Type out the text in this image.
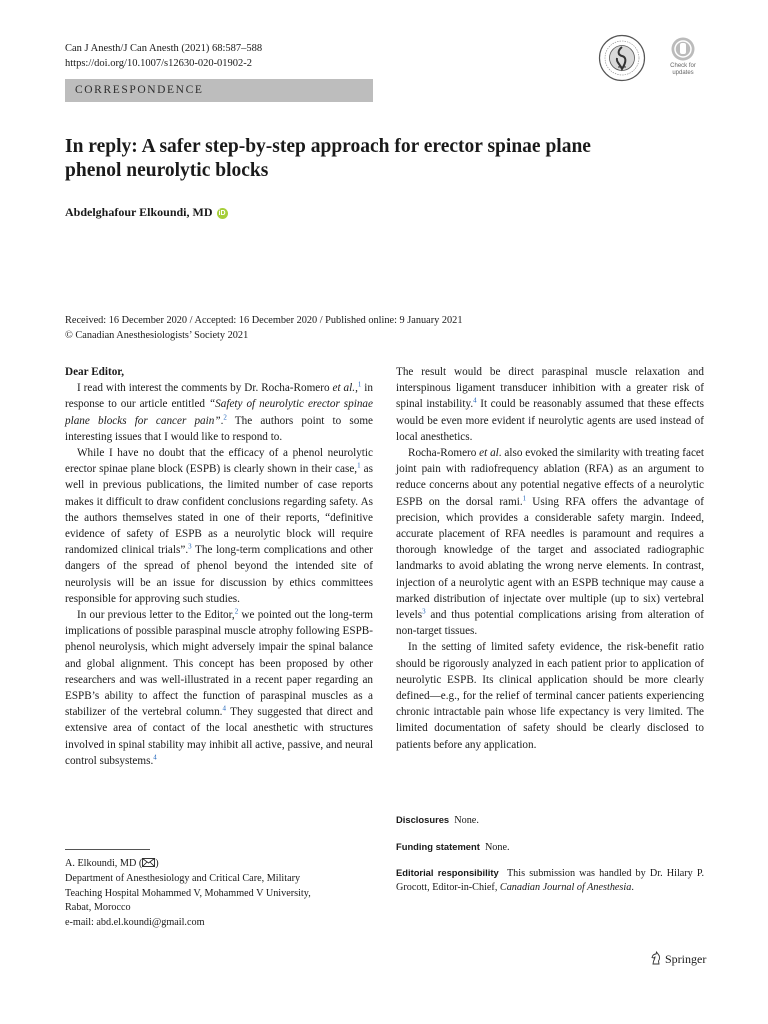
Can J Anesth/J Can Anesth (2021) 68:587–588
https://doi.org/10.1007/s12630-020-01902-2	Check for
updates
CORRESPONDENCE
In reply: A safer step-by-step approach for erector spinae plane
phenol neurolytic blocks
Abdelghafour Elkoundi, MD iD
Received: 16 December 2020 / Accepted: 16 December 2020 / Published online: 9 January 2021
© Canadian Anesthesiologists’ Society 2021

Dear Editor,

I read with interest the comments by Dr. Rocha-Romero et al.,$^1$ in response to our article entitled “Safety of neurolytic erector spinae plane blocks for cancer pain”.$^2$ The authors point to some interesting issues that I would like to respond to.

While I have no doubt that the efficacy of a phenol neurolytic erector spinae plane block (ESPB) is clearly shown in their case,$^1$ as well in previous publications, the limited number of case reports makes it difficult to draw confident conclusions regarding safety. As the authors themselves stated in one of their reports, “definitive evidence of safety of ESPB as a neurolytic block will require randomized clinical trials”.$^3$ The long-term complications and other dangers of the spread of phenol beyond the intended site of neurolysis will be an issue for discussion by ethics committees responsible for approving such studies.

In our previous letter to the Editor,$^2$ we pointed out the long-term implications of possible paraspinal muscle atrophy following ESPB-phenol neurolysis, which might adversely impair the spinal balance and global alignment. This concept has been proposed by other researchers and was well-illustrated in a recent paper regarding an ESPB’s ability to affect the function of paraspinal muscles as a stabilizer of the vertebral column.$^4$ They suggested that direct and extensive area of contact of the local anesthetic with structures involved in spinal stability may inhibit all active, passive, and neural control subsystems.$^4$

The result would be direct paraspinal muscle relaxation and interspinous ligament transducer inhibition with a greater risk of spinal instability.$^4$ It could be reasonably assumed that these effects would be even more evident if neurolytic agents are used instead of local anesthetics.

Rocha-Romero et al. also evoked the similarity with treating facet joint pain with radiofrequency ablation (RFA) as an argument to reduce concerns about any potential negative effects of a neurolytic ESPB on the dorsal rami.$^1$ Using RFA offers the advantage of precision, which provides a considerable safety margin. Indeed, accurate placement of RFA needles is paramount and requires a thorough knowledge of the target and associated radiographic landmarks to avoid ablating the wrong nerve elements. In contrast, injection of a neurolytic agent with an ESPB technique may cause a marked distribution of injectate over multiple (up to six) vertebral levels$^3$ and thus potential complications arising from alteration of non-target tissues.

In the setting of limited safety evidence, the risk-benefit ratio should be rigorously analyzed in each patient prior to application of neurolytic ESPB. Its clinical application should be more clearly defined—e.g., for the relief of terminal cancer patients experiencing chronic intractable pain whose life expectancy is very limited. The limited documentation of safety should be clearly disclosed to patients before any application.

Disclosures None.
Funding statement None.
Editorial responsibility This submission was handled by Dr. Hilary P. Grocott, Editor-in-Chief, Canadian Journal of Anesthesia.
A. Elkoundi, MD ( )
Department of Anesthesiology and Critical Care, Military
Teaching Hospital Mohammed V, Mohammed V University,
Rabat, Morocco
e-mail: abd.el.koundi@gmail.com
Springer
